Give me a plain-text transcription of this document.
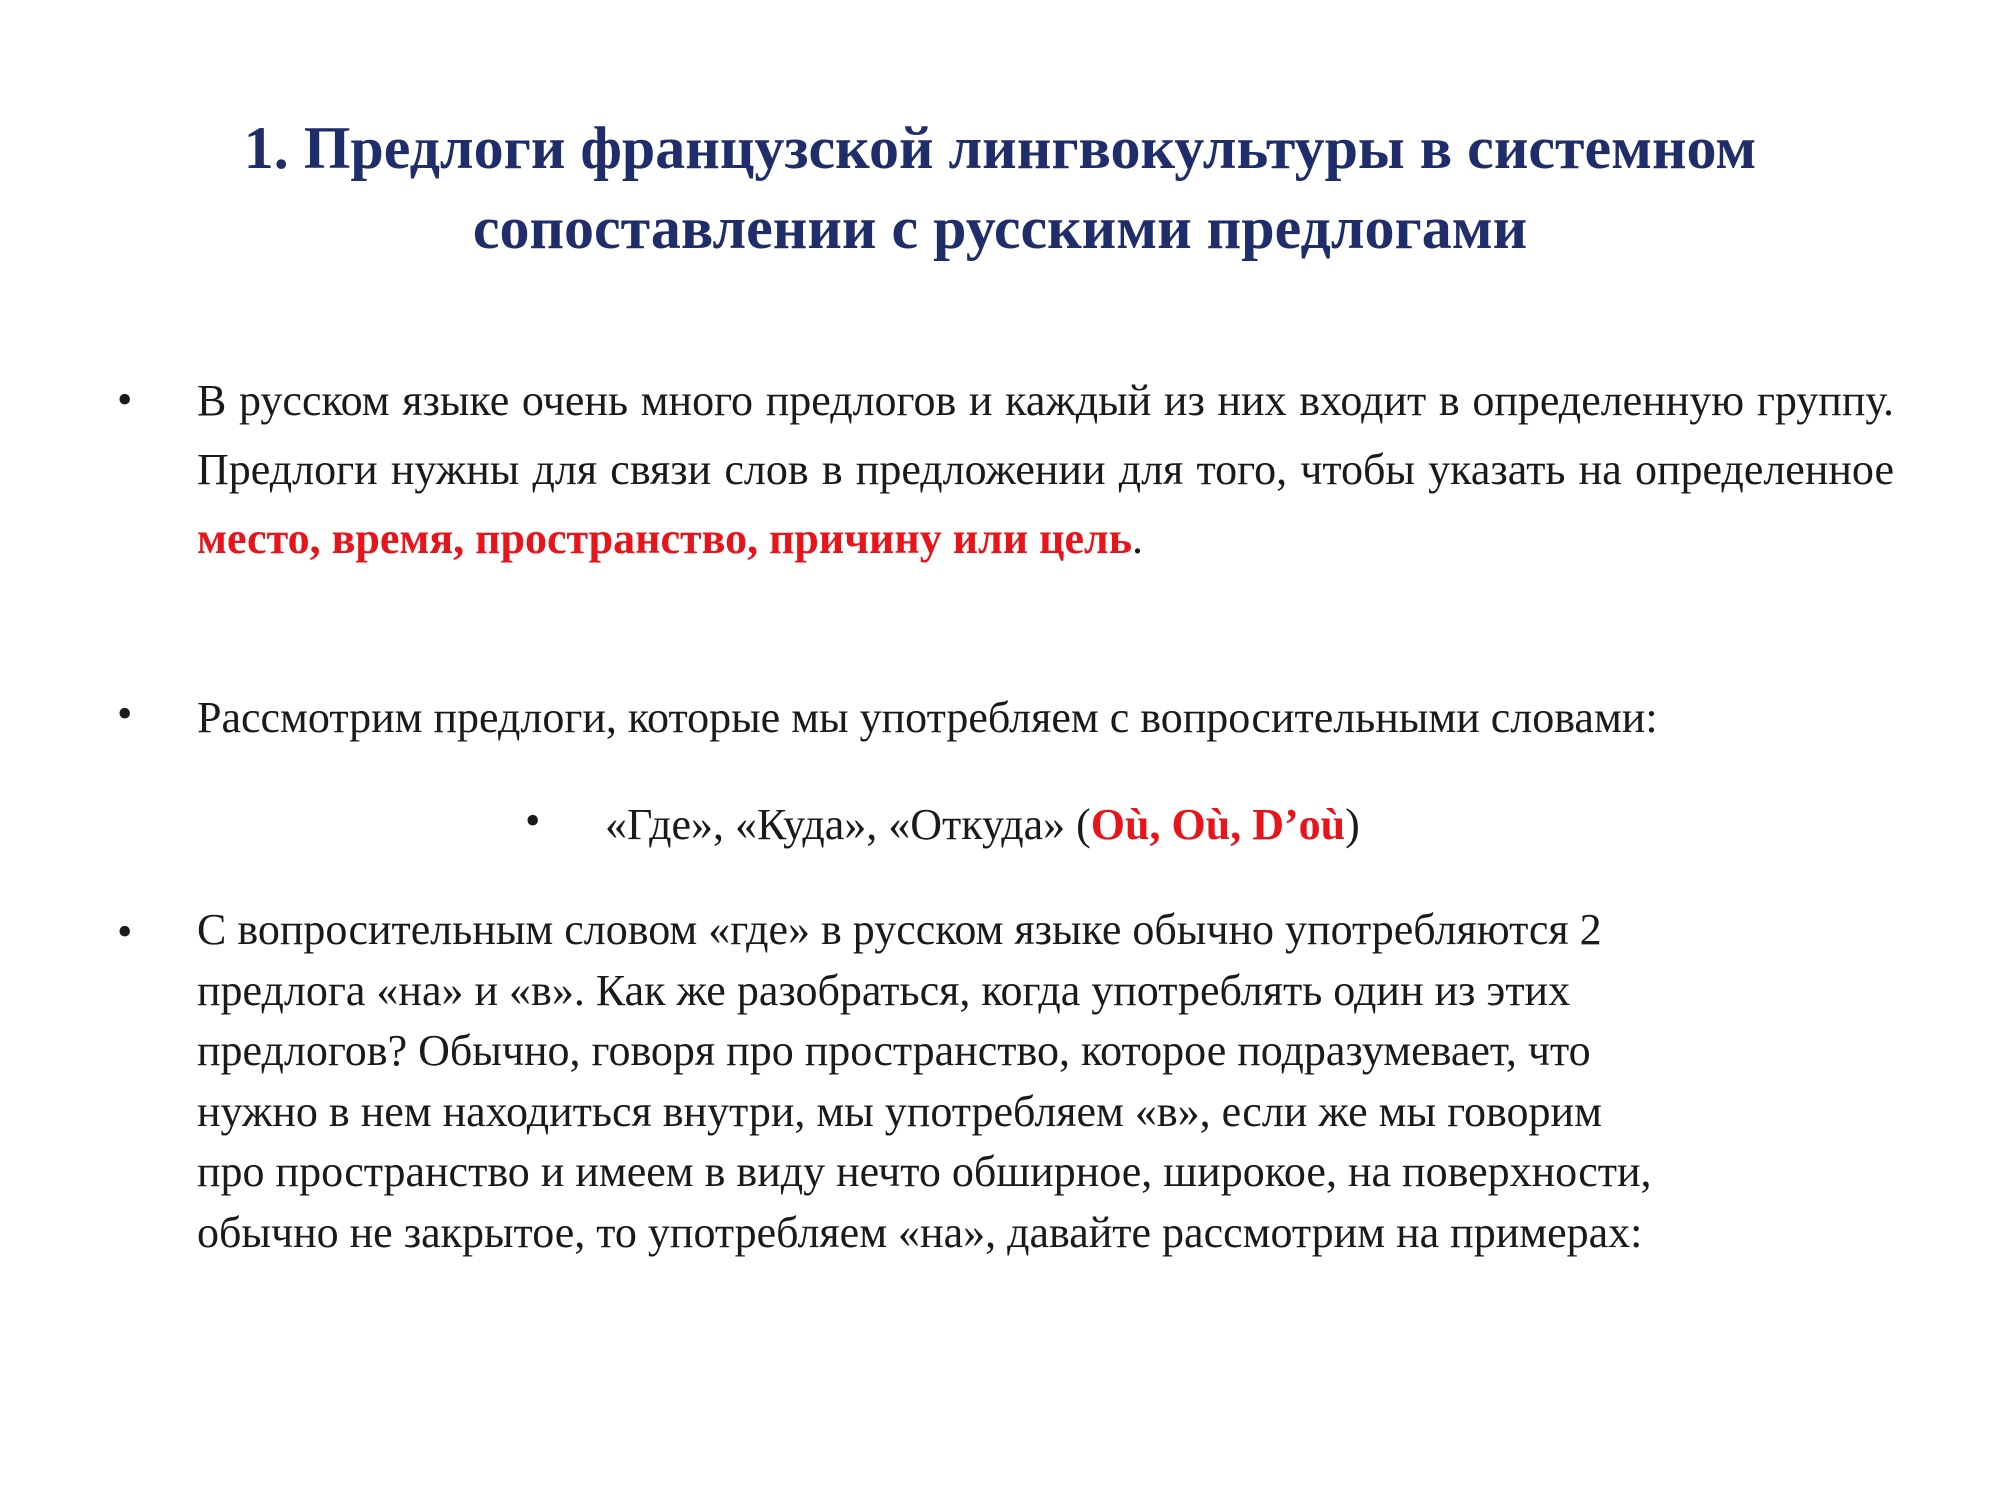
1. Предлоги французской лингвокультуры в системном
сопоставлении с русскими предлогами
• В русском языке очень много предлогов и каждый из них входит в определенную группу. Предлоги нужны для связи слов в предложении для того, чтобы указать на определенное место, время, пространство, причину или цель.
• Рассмотрим предлоги, которые мы употребляем с вопросительными словами:
• «Где», «Куда», «Откуда» (Où, Où, D’où)
• С вопросительным словом «где» в русском языке обычно употребляются 2
предлога «на» и «в». Как же разобраться, когда употреблять один из этих
предлогов? Обычно, говоря про пространство, которое подразумевает, что
нужно в нем находиться внутри, мы употребляем «в», если же мы говорим
про пространство и имеем в виду нечто обширное, широкое, на поверхности,
обычно не закрытое, то употребляем «на», давайте рассмотрим на примерах:
